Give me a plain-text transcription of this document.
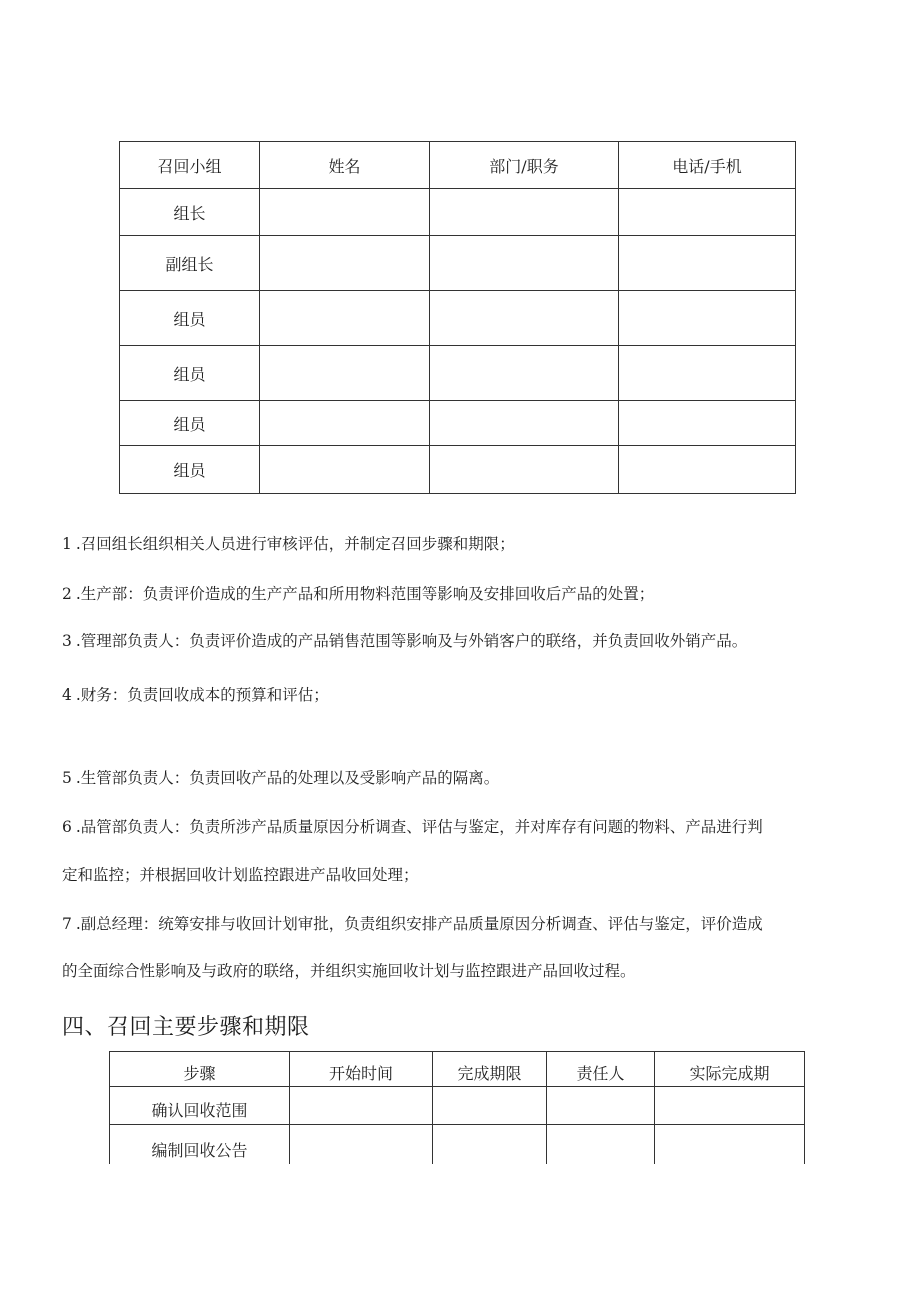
召回小组	姓名	部门/职务	电话/手机
组长			
副组长			
组员			
组员			
组员			
组员			
1 .召回组长组织相关人员进行审核评估，并制定召回步骤和期限；
2 .生产部：负责评价造成的生产产品和所用物料范围等影响及安排回收后产品的处置；
3 .管理部负责人：负责评价造成的产品销售范围等影响及与外销客户的联络，并负责回收外销产品。
4 .财务：负责回收成本的预算和评估；
5 .生管部负责人：负责回收产品的处理以及受影响产品的隔离。
6 .品管部负责人：负责所涉产品质量原因分析调查、评估与鉴定，并对库存有问题的物料、产品进行判
定和监控；并根据回收计划监控跟进产品收回处理；
7 .副总经理：统筹安排与收回计划审批，负责组织安排产品质量原因分析调查、评估与鉴定，评价造成
的全面综合性影响及与政府的联络，并组织实施回收计划与监控跟进产品回收过程。
四、召回主要步骤和期限
步骤	开始时间	完成期限	责任人	实际完成期
确认回收范围				
编制回收公告				
